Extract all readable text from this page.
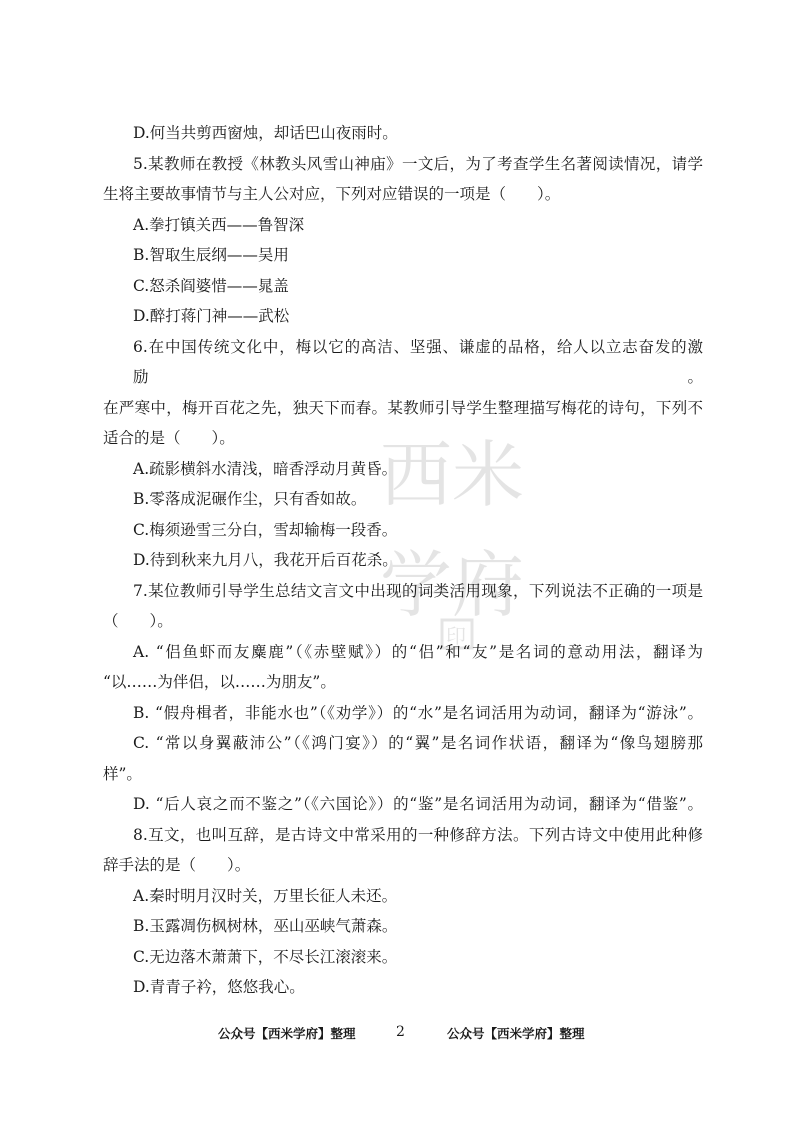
西米
学府
印
D.何当共剪西窗烛，却话巴山夜雨时。
5.某教师在教授《林教头风雪山神庙》一文后，为了考查学生名著阅读情况，请学
生将主要故事情节与主人公对应，下列对应错误的一项是（　　）。
A.拳打镇关西——鲁智深
B.智取生辰纲——吴用
C.怒杀阎婆惜——晁盖
D.醉打蒋门神——武松
6.在中国传统文化中，梅以它的高洁、坚强、谦虚的品格，给人以立志奋发的激励。
在严寒中，梅开百花之先，独天下而春。某教师引导学生整理描写梅花的诗句，下列不
适合的是（　　）。
A.疏影横斜水清浅，暗香浮动月黄昏。
B.零落成泥碾作尘，只有香如故。
C.梅须逊雪三分白，雪却输梅一段香。
D.待到秋来九月八，我花开后百花杀。
7.某位教师引导学生总结文言文中出现的词类活用现象，下列说法不正确的一项是
（　　）。
A. “侣鱼虾而友麋鹿”（《赤壁赋》）的“侣”和“友”是名词的意动用法，翻译为
“以……为伴侣，以……为朋友”。
B. “假舟楫者，非能水也”（《劝学》）的“水”是名词活用为动词，翻译为“游泳”。
C. “常以身翼蔽沛公”（《鸿门宴》）的“翼”是名词作状语，翻译为“像鸟翅膀那
样”。
D. “后人哀之而不鉴之”（《六国论》）的“鉴”是名词活用为动词，翻译为“借鉴”。
8.互文，也叫互辞，是古诗文中常采用的一种修辞方法。下列古诗文中使用此种修
辞手法的是（　　）。
A.秦时明月汉时关，万里长征人未还。
B.玉露凋伤枫树林，巫山巫峡气萧森。
C.无边落木萧萧下，不尽长江滚滚来。
D.青青子衿，悠悠我心。
公众号【西米学府】整理	2	公众号【西米学府】整理
